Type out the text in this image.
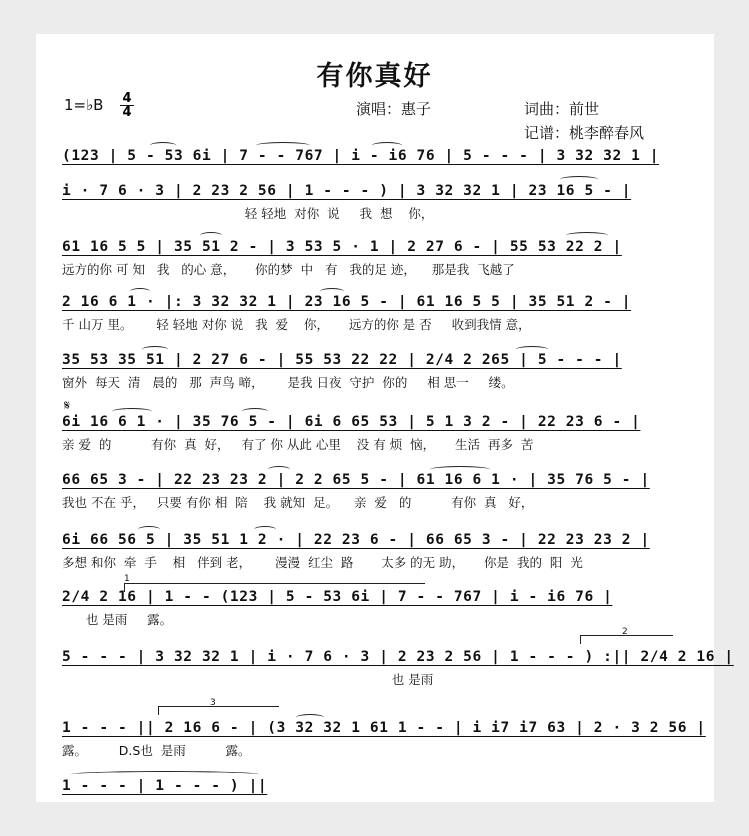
有你真好
1=♭B $\frac{4}{4}$	演唱：惠子	词曲：前世
记谱：桃李醉春风
𝄋
(123 | 5 - 53 6i | 7 - - 767 | i - i6 76 | 5 - - - | 3 32 32 1 |
i · 7 6 · 3 | 2 23 2 56 | 1 - - - ) | 3 32 32 1 | 23 16 5 - |
轻 轻地  对你  说     我  想    你，
61 16 5 5 | 35 51 2 - | 3 53 5 · 1 | 2 27 6 - | 55 53 22 2 |
远方的你 可 知   我   的心 意，     你的梦  中   有   我的足 迹，    那是我  飞越了
2 16 6 1 · |: 3 32 32 1 | 23 16 5 - | 61 16 5 5 | 35 51 2 - |
千 山万 里。      轻 轻地 对你 说   我  爱    你，     远方的你 是 否     收到我情 意，
35 53 35 51 | 2 27 6 - | 55 53 22 22 | 2/4 2 265 | 5 - - - |
窗外  每天  清   晨的   那  声鸟 啼，      是我 日夜  守护  你的     相 思一     缕。
6i 16 6 1 · | 35 76 5 - | 6i 6 65 53 | 5 1 3 2 - | 22 23 6 - |
亲 爱  的          有你  真  好，   有了 你 从此 心里    没 有 烦  恼，     生活  再多  苦
66 65 3 - | 22 23 23 2 | 2 2 65 5 - | 61 16 6 1 · | 35 76 5 - |
我也 不在 乎，   只要 有你 相  陪    我 就知  足。    亲  爱   的          有你  真   好，
6i 66 56 5 | 35 51 1 2 · | 22 23 6 - | 66 65 3 - | 22 23 23 2 |
多想 和你  牵  手    相   伴到 老，      漫漫  红尘  路       太多 的无 助，     你是  我的  阳  光
2/4 2 16 | 1 - - (123 | 5 - 53 6i | 7 - - 767 | i - i6 76 |
也 是雨     露。
5 - - - | 3 32 32 1 | i · 7 6 · 3 | 2 23 2 56 | 1 - - - ) :|| 2/4 2 16 |
也 是雨
1 - - - || 2 16 6 - | (3 32 32 1 61 1 - - | i i7 i7 63 | 2 · 3 2 56 |
露。        D.S也  是雨          露。
1 - - - | 1 - - - ) ||
1
2
3
